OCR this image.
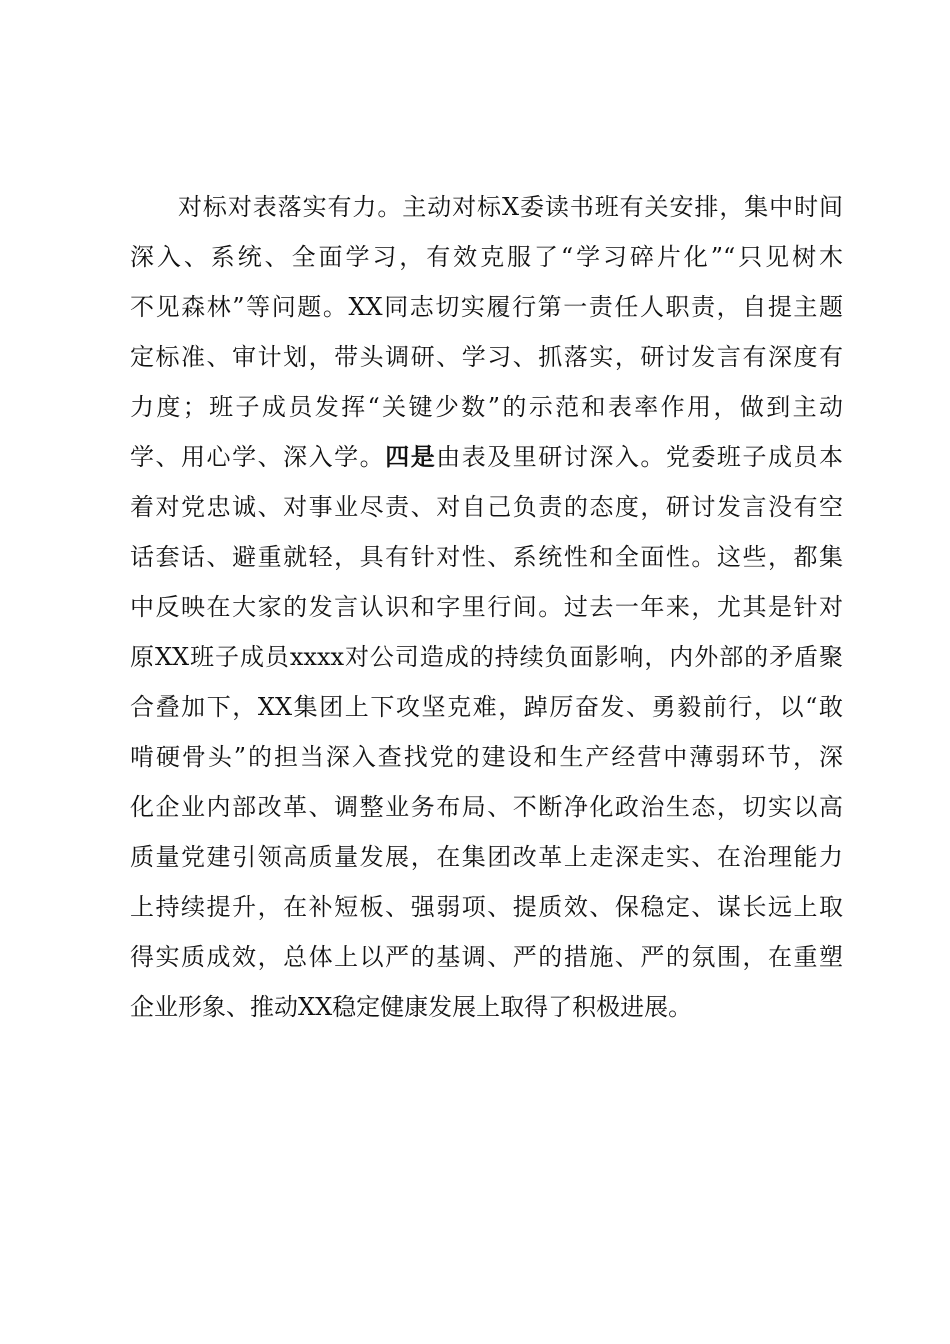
对标对表落实有力。主动对标X委读书班有关安排，集中时间
深入、系统、全面学习，有效克服了“学习碎片化”“只见树木
不见森林”等问题。XX同志切实履行第一责任人职责，自提主题
定标准、审计划，带头调研、学习、抓落实，研讨发言有深度有
力度；班子成员发挥“关键少数”的示范和表率作用，做到主动
学、用心学、深入学。四是由表及里研讨深入。党委班子成员本
着对党忠诚、对事业尽责、对自己负责的态度，研讨发言没有空
话套话、避重就轻，具有针对性、系统性和全面性。这些，都集
中反映在大家的发言认识和字里行间。过去一年来，尤其是针对
原XX班子成员xxxx对公司造成的持续负面影响，内外部的矛盾聚
合叠加下，XX集团上下攻坚克难，踔厉奋发、勇毅前行，以“敢
啃硬骨头”的担当深入查找党的建设和生产经营中薄弱环节，深
化企业内部改革、调整业务布局、不断净化政治生态，切实以高
质量党建引领高质量发展，在集团改革上走深走实、在治理能力
上持续提升，在补短板、强弱项、提质效、保稳定、谋长远上取
得实质成效，总体上以严的基调、严的措施、严的氛围，在重塑
企业形象、推动XX稳定健康发展上取得了积极进展。
